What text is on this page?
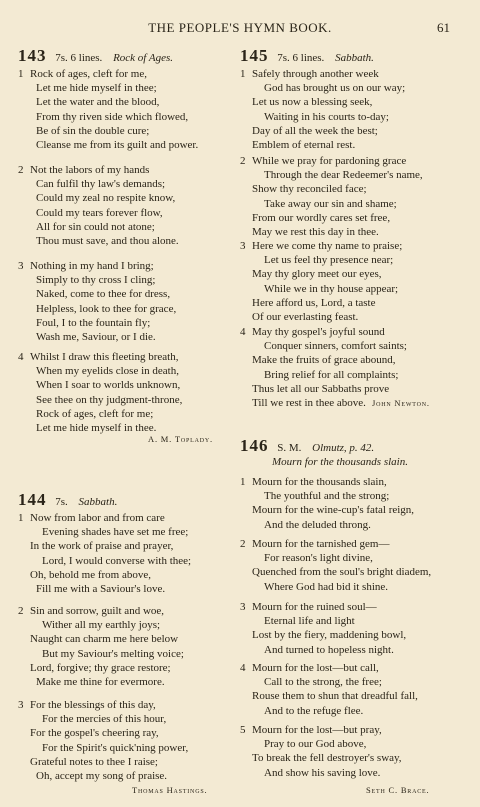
THE PEOPLE'S HYMN BOOK.	61
143 7s. 6 lines. Rock of Ages.
1 Rock of ages, cleft for me,
Let me hide myself in thee;
Let the water and the blood,
From thy riven side which flowed,
Be of sin the double cure;
Cleanse me from its guilt and power.
2 Not the labors of my hands
Can fulfil thy law's demands;
Could my zeal no respite know,
Could my tears forever flow,
All for sin could not atone;
Thou must save, and thou alone.
3 Nothing in my hand I bring;
Simply to thy cross I cling;
Naked, come to thee for dress,
Helpless, look to thee for grace,
Foul, I to the fountain fly;
Wash me, Saviour, or I die.
4 Whilst I draw this fleeting breath,
When my eyelids close in death,
When I soar to worlds unknown,
See thee on thy judgment-throne,
Rock of ages, cleft for me;
Let me hide myself in thee.
A. M. Toplady.
144 7s. Sabbath.
1 Now from labor and from care
Evening shades have set me free;
In the work of praise and prayer,
Lord, I would converse with thee;
Oh, behold me from above,
Fill me with a Saviour's love.
2 Sin and sorrow, guilt and woe,
Wither all my earthly joys;
Naught can charm me here below
But my Saviour's melting voice;
Lord, forgive; thy grace restore;
Make me thine for evermore.
3 For the blessings of this day,
For the mercies of this hour,
For the gospel's cheering ray,
For the Spirit's quick'ning power,
Grateful notes to thee I raise;
Oh, accept my song of praise.
Thomas Hastings.
145 7s. 6 lines. Sabbath.
1 Safely through another week
God has brought us on our way;
Let us now a blessing seek,
Waiting in his courts to-day;
Day of all the week the best;
Emblem of eternal rest.
2 While we pray for pardoning grace
Through the dear Redeemer's name,
Show thy reconciled face;
Take away our sin and shame;
From our wordly cares set free,
May we rest this day in thee.
3 Here we come thy name to praise;
Let us feel thy presence near;
May thy glory meet our eyes,
While we in thy house appear;
Here afford us, Lord, a taste
Of our everlasting feast.
4 May thy gospel's joyful sound
Conquer sinners, comfort saints;
Make the fruits of grace abound,
Bring relief for all complaints;
Thus let all our Sabbaths prove
Till we rest in thee above. John Newton.
146 S. M. Olmutz, p. 42.
Mourn for the thousands slain.
1 Mourn for the thousands slain,
The youthful and the strong;
Mourn for the wine-cup's fatal reign,
And the deluded throng.
2 Mourn for the tarnished gem—
For reason's light divine,
Quenched from the soul's bright diadem,
Where God had bid it shine.
3 Mourn for the ruined soul—
Eternal life and light
Lost by the fiery, maddening bowl,
And turned to hopeless night.
4 Mourn for the lost—but call,
Call to the strong, the free;
Rouse them to shun that dreadful fall,
And to the refuge flee.
5 Mourn for the lost—but pray,
Pray to our God above,
To break the fell destroyer's sway,
And show his saving love.
Seth C. Brace.
